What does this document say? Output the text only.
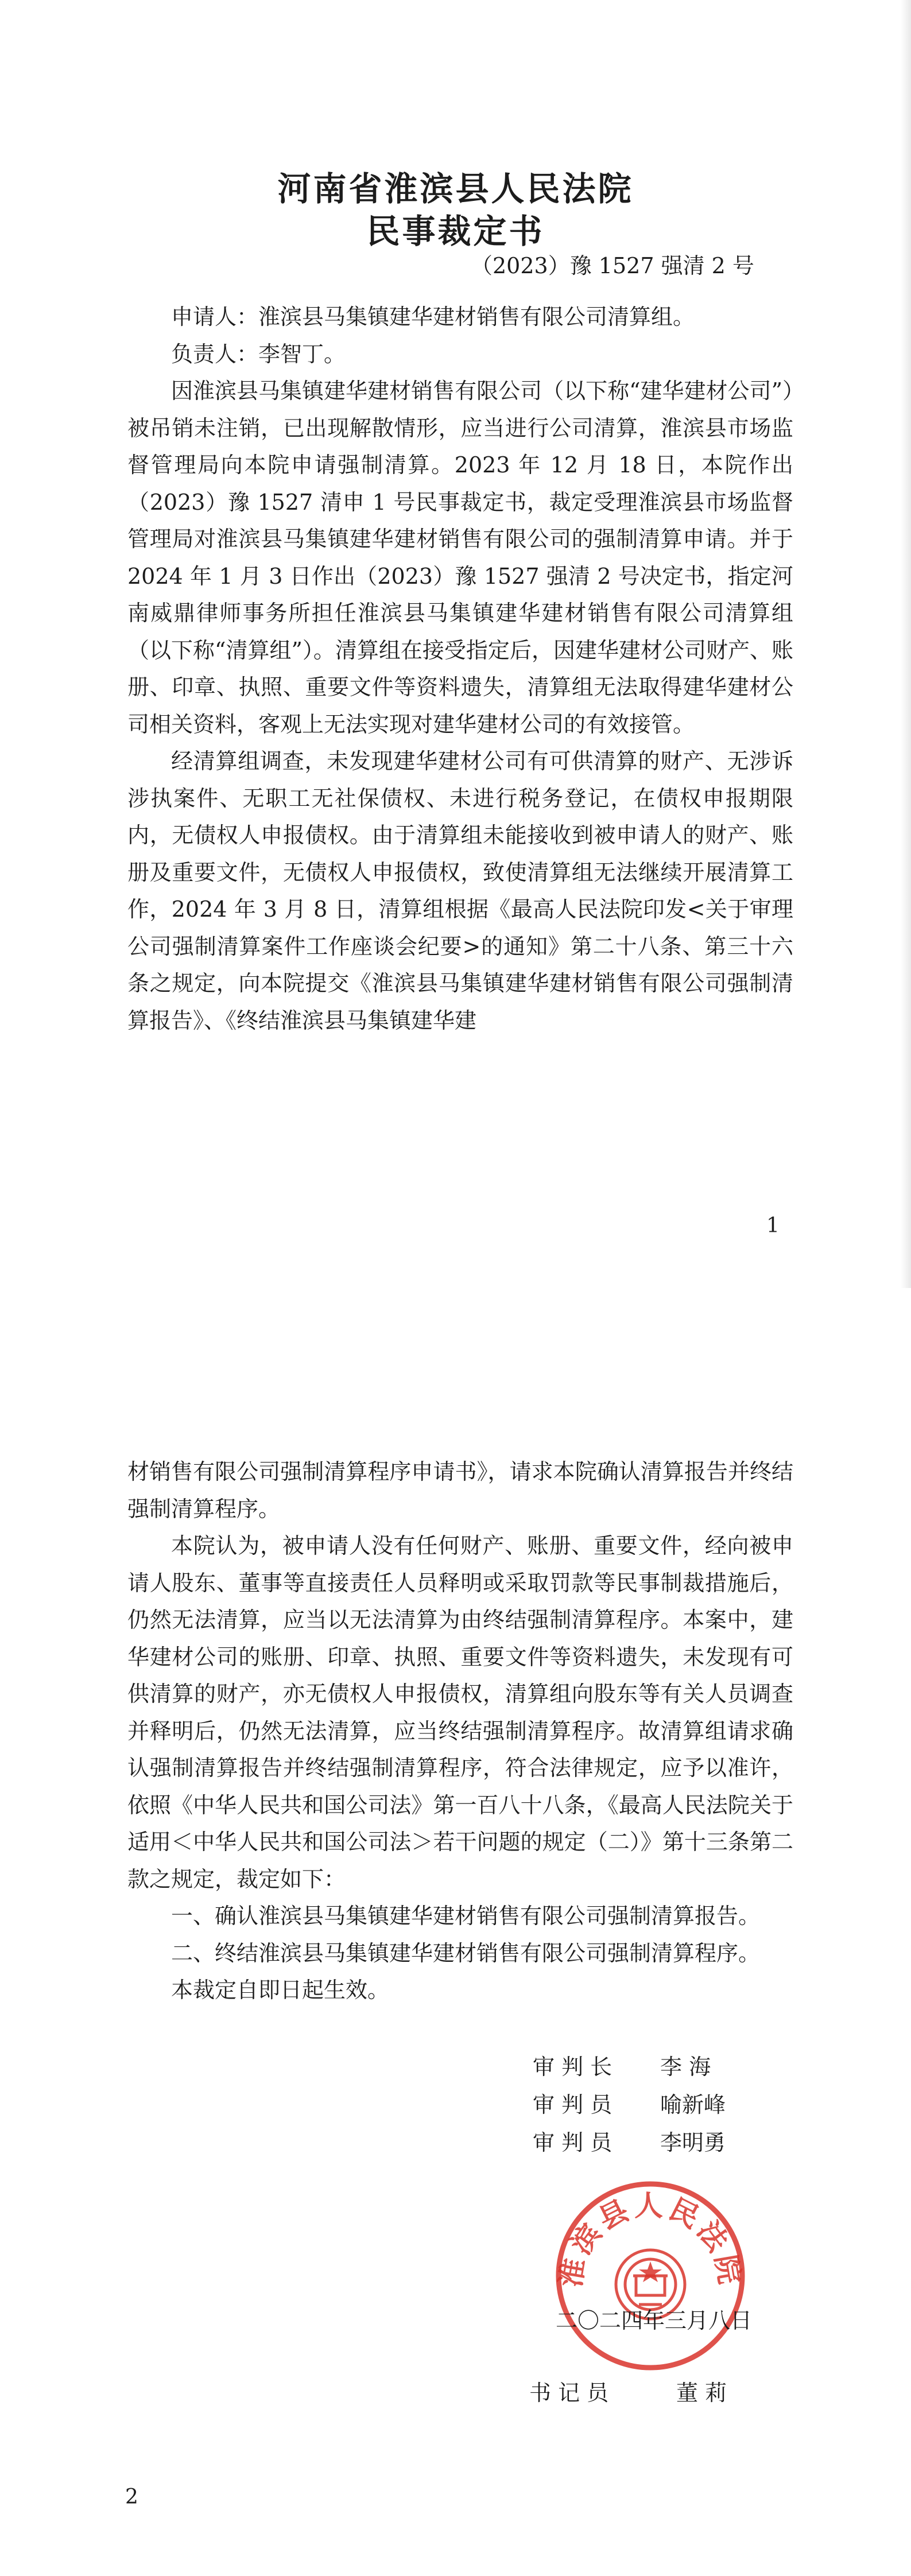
河南省淮滨县人民法院
民事裁定书

（2023）豫 1527 强清 2 号

申请人：淮滨县马集镇建华建材销售有限公司清算组。

负责人：李智丁。

因淮滨县马集镇建华建材销售有限公司（以下称“建华建材公司”）被吊销未注销，已出现解散情形，应当进行公司清算，淮滨县市场监督管理局向本院申请强制清算。2023 年 12 月 18 日，本院作出（2023）豫 1527 清申 1 号民事裁定书，裁定受理淮滨县市场监督管理局对淮滨县马集镇建华建材销售有限公司的强制清算申请。并于 2024 年 1 月 3 日作出（2023）豫 1527 强清 2 号决定书，指定河南威鼎律师事务所担任淮滨县马集镇建华建材销售有限公司清算组（以下称“清算组”）。清算组在接受指定后，因建华建材公司财产、账册、印章、执照、重要文件等资料遗失，清算组无法取得建华建材公司相关资料，客观上无法实现对建华建材公司的有效接管。

经清算组调查，未发现建华建材公司有可供清算的财产、无涉诉涉执案件、无职工无社保债权、未进行税务登记，在债权申报期限内，无债权人申报债权。由于清算组未能接收到被申请人的财产、账册及重要文件，无债权人申报债权，致使清算组无法继续开展清算工作，2024 年 3 月 8 日，清算组根据《最高人民法院印发<关于审理公司强制清算案件工作座谈会纪要>的通知》第二十八条、第三十六条之规定，向本院提交《淮滨县马集镇建华建材销售有限公司强制清算报告》、《终结淮滨县马集镇建华建

1

材销售有限公司强制清算程序申请书》，请求本院确认清算报告并终结强制清算程序。

本院认为，被申请人没有任何财产、账册、重要文件，经向被申请人股东、董事等直接责任人员释明或采取罚款等民事制裁措施后，仍然无法清算，应当以无法清算为由终结强制清算程序。本案中，建华建材公司的账册、印章、执照、重要文件等资料遗失，未发现有可供清算的财产，亦无债权人申报债权，清算组向股东等有关人员调查并释明后，仍然无法清算，应当终结强制清算程序。故清算组请求确认强制清算报告并终结强制清算程序，符合法律规定，应予以准许，依照《中华人民共和国公司法》第一百八十八条，《最高人民法院关于适用＜中华人民共和国公司法＞若干问题的规定（二）》第十三条第二款之规定，裁定如下：

一、确认淮滨县马集镇建华建材销售有限公司强制清算报告。

二、终结淮滨县马集镇建华建材销售有限公司强制清算程序。

本裁定自即日起生效。

淮滨县人民法院
审 判 长 李 海
审 判 员 喻新峰
审 判 员 李明勇
二〇二四年三月八日
书 记 员	董 莉

2
